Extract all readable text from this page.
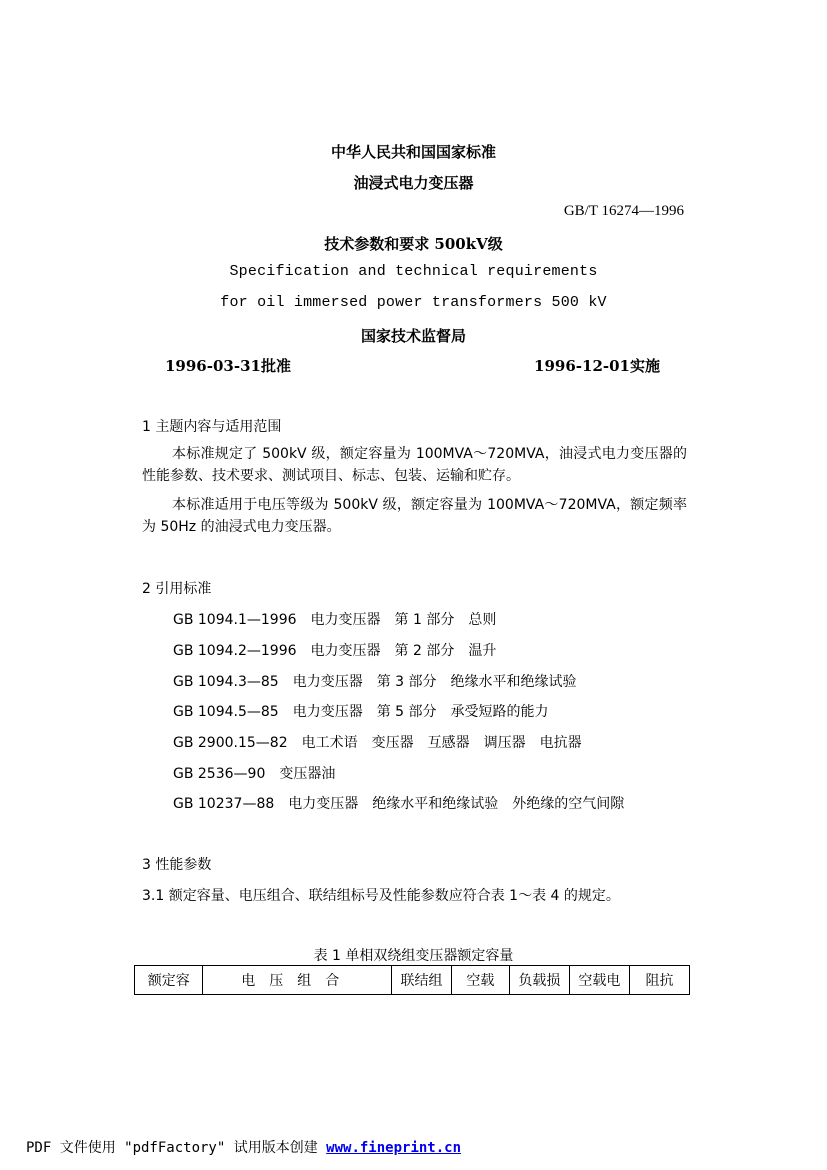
中华人民共和国国家标准
油浸式电力变压器
GB/T 16274—1996
技术参数和要求 500kV级
Specification and technical requirements
for oil immersed power transformers 500 kV
国家技术监督局
1996-03-31批准	1996-12-01实施
1 主题内容与适用范围
本标准规定了 500kV 级，额定容量为 100MVA～720MVA，油浸式电力变压器的性能参数、技术要求、测试项目、标志、包装、运输和贮存。
本标准适用于电压等级为 500kV 级，额定容量为 100MVA～720MVA，额定频率为 50Hz 的油浸式电力变压器。
2 引用标准
GB 1094.1—1996 电力变压器 第 1 部分 总则
GB 1094.2—1996 电力变压器 第 2 部分 温升
GB 1094.3—85 电力变压器 第 3 部分 绝缘水平和绝缘试验
GB 1094.5—85 电力变压器 第 5 部分 承受短路的能力
GB 2900.15—82 电工术语 变压器 互感器 调压器 电抗器
GB 2536—90 变压器油
GB 10237—88 电力变压器 绝缘水平和绝缘试验 外绝缘的空气间隙
3 性能参数
3.1 额定容量、电压组合、联结组标号及性能参数应符合表 1～表 4 的规定。
表 1 单相双绕组变压器额定容量
额定容	电压组合	联结组	空载	负载损	空载电	阻抗
PDF 文件使用 "pdfFactory" 试用版本创建 www.fineprint.cn
